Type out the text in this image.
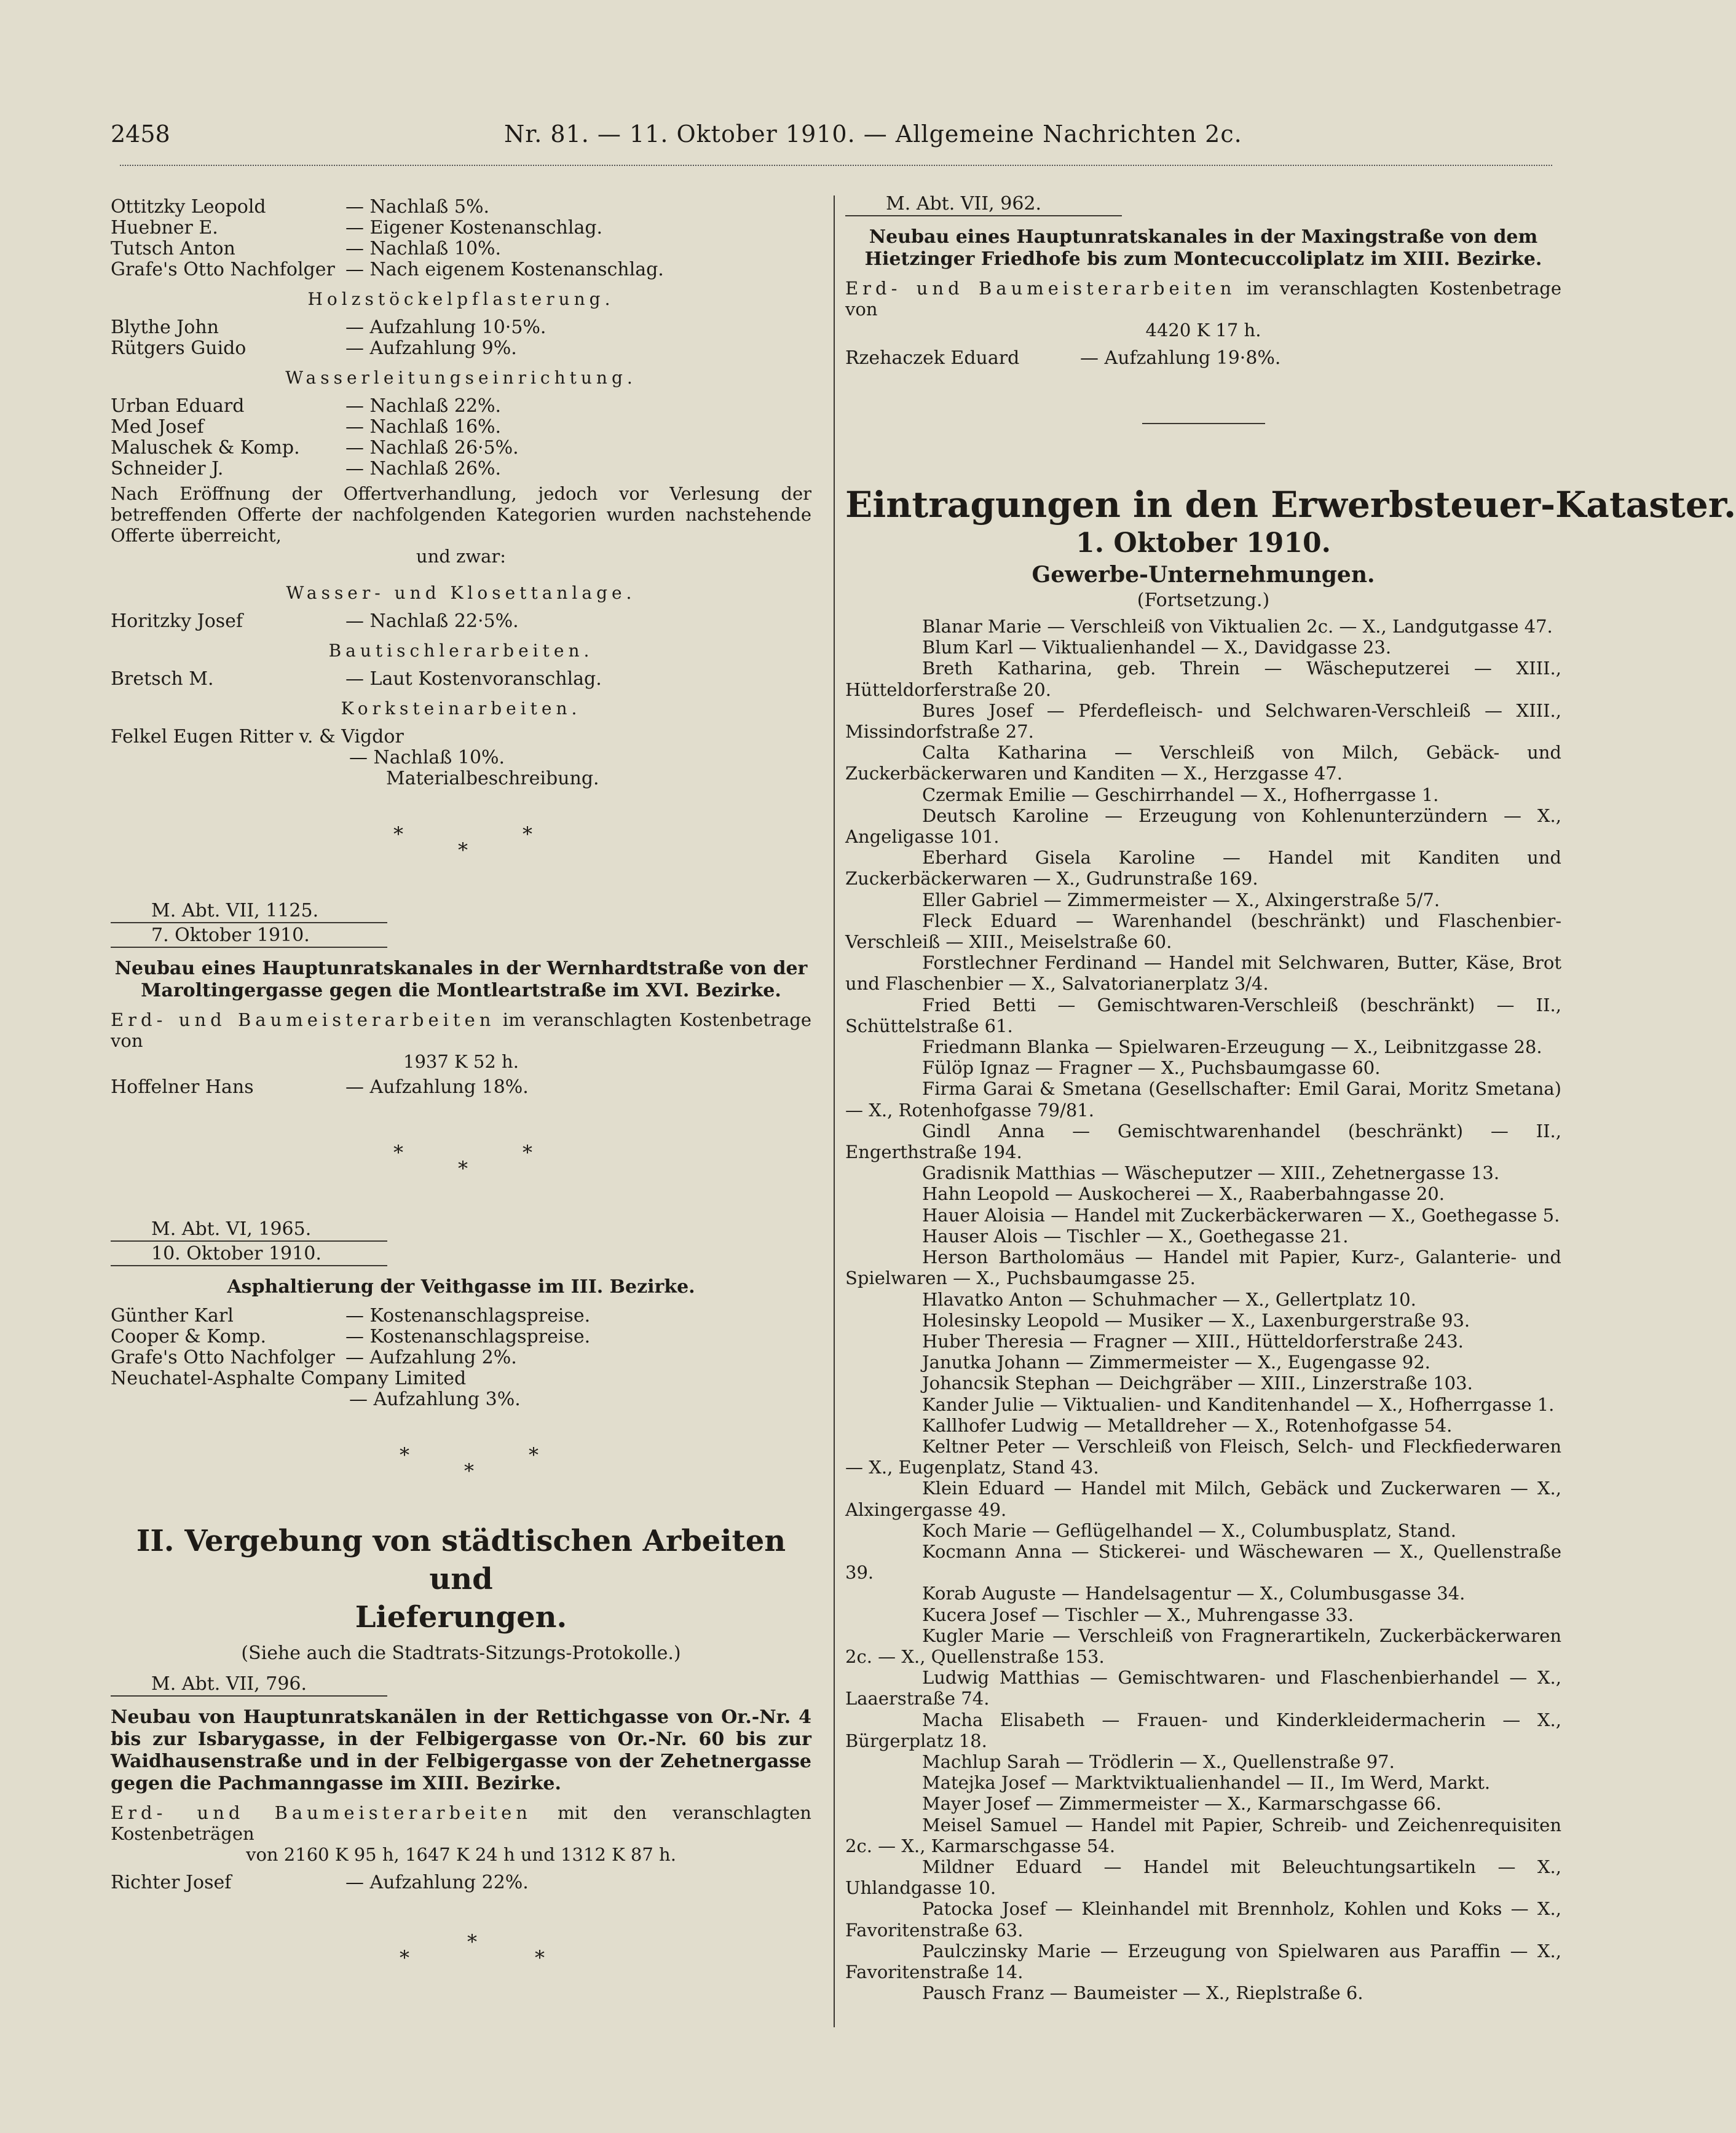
2458	Nr. 81. — 11. Oktober 1910. — Allgemeine Nachrichten 2c.
Ottitzky Leopold	— Nachlaß 5%.
Huebner E.	— Eigener Kostenanschlag.
Tutsch Anton	— Nachlaß 10%.
Grafe's Otto Nachfolger — Nach eigenem Kostenanschlag.
Holzstöckelpflasterung.
Blythe John	— Aufzahlung 10·5%.
Rütgers Guido	— Aufzahlung 9%.
Wasserleitungseinrichtung.
Urban Eduard	— Nachlaß 22%.
Med Josef	— Nachlaß 16%.
Maluschek & Komp.	— Nachlaß 26·5%.
Schneider J.	— Nachlaß 26%.
Nach Eröffnung der Offertverhandlung, jedoch vor Verlesung der betreffenden Offerte der nachfolgenden Kategorien wurden nachstehende Offerte überreicht,
und zwar:
Wasser- und Klosettanlage.
Horitzky Josef	— Nachlaß 22·5%.
Bautischlerarbeiten.
Bretsch M.	— Laut Kostenvoranschlag.
Korksteinarbeiten.
Felkel Eugen Ritter v. & Vigdor
— Nachlaß 10%.
Materialbeschreibung.
*	*
*
M. Abt. VII, 1125.
7. Oktober 1910.
Neubau eines Hauptunratskanales in der Wernhardtstraße von der Maroltingergasse gegen die Montleartstraße im XVI. Bezirke.
Erd- und Baumeisterarbeiten im veranschlagten Kostenbetrage von
1937 K 52 h.
Hoffelner Hans	— Aufzahlung 18%.
*	*
*
M. Abt. VI, 1965.
10. Oktober 1910.
Asphaltierung der Veithgasse im III. Bezirke.
Günther Karl	— Kostenanschlagspreise.
Cooper & Komp.	— Kostenanschlagspreise.
Grafe's Otto Nachfolger — Aufzahlung 2%.
Neuchatel-Asphalte Company Limited
— Aufzahlung 3%.
*	*
*
II. Vergebung von städtischen Arbeiten und
Lieferungen.
(Siehe auch die Stadtrats-Sitzungs-Protokolle.)
M. Abt. VII, 796.
Neubau von Hauptunratskanälen in der Rettichgasse von Or.-Nr. 4 bis zur Isbarygasse, in der Felbigergasse von Or.-Nr. 60 bis zur Waidhausenstraße und in der Felbigergasse von der Zehetnergasse gegen die Pachmanngasse im XIII. Bezirke.
Erd- und Baumeisterarbeiten mit den veranschlagten Kostenbeträgen
von 2160 K 95 h, 1647 K 24 h und 1312 K 87 h.
Richter Josef	— Aufzahlung 22%.
*	*
*
M. Abt. VII, 962.
Neubau eines Hauptunratskanales in der Maxingstraße von dem Hietzinger Friedhofe bis zum Montecuccoliplatz im XIII. Bezirke.
Erd- und Baumeisterarbeiten im veranschlagten Kostenbetrage von
4420 K 17 h.
Rzehaczek Eduard	— Aufzahlung 19·8%.
Eintragungen in den Erwerbsteuer-Kataster.
1. Oktober 1910.
Gewerbe-Unternehmungen.
(Fortsetzung.)
Blanar Marie — Verschleiß von Viktualien 2c. — X., Landgutgasse 47.
Blum Karl — Viktualienhandel — X., Davidgasse 23.
Breth Katharina, geb. Threin — Wäscheputzerei — XIII., Hütteldorferstraße 20.
Bures Josef — Pferdefleisch- und Selchwaren-Verschleiß — XIII., Missindorfstraße 27.
Calta Katharina — Verschleiß von Milch, Gebäck- und Zuckerbäckerwaren und Kanditen — X., Herzgasse 47.
Czermak Emilie — Geschirrhandel — X., Hofherrgasse 1.
Deutsch Karoline — Erzeugung von Kohlenunterzündern — X., Angeligasse 101.
Eberhard Gisela Karoline — Handel mit Kanditen und Zuckerbäckerwaren — X., Gudrunstraße 169.
Eller Gabriel — Zimmermeister — X., Alxingerstraße 5/7.
Fleck Eduard — Warenhandel (beschränkt) und Flaschenbier-Verschleiß — XIII., Meiselstraße 60.
Forstlechner Ferdinand — Handel mit Selchwaren, Butter, Käse, Brot und Flaschenbier — X., Salvatorianerplatz 3/4.
Fried Betti — Gemischtwaren-Verschleiß (beschränkt) — II., Schüttelstraße 61.
Friedmann Blanka — Spielwaren-Erzeugung — X., Leibnitzgasse 28.
Fülöp Ignaz — Fragner — X., Puchsbaumgasse 60.
Firma Garai & Smetana (Gesellschafter: Emil Garai, Moritz Smetana) — X., Rotenhofgasse 79/81.
Gindl Anna — Gemischtwarenhandel (beschränkt) — II., Engerthstraße 194.
Gradisnik Matthias — Wäscheputzer — XIII., Zehetnergasse 13.
Hahn Leopold — Auskocherei — X., Raaberbahngasse 20.
Hauer Aloisia — Handel mit Zuckerbäckerwaren — X., Goethegasse 5.
Hauser Alois — Tischler — X., Goethegasse 21.
Herson Bartholomäus — Handel mit Papier, Kurz-, Galanterie- und Spielwaren — X., Puchsbaumgasse 25.
Hlavatko Anton — Schuhmacher — X., Gellertplatz 10.
Holesinsky Leopold — Musiker — X., Laxenburgerstraße 93.
Huber Theresia — Fragner — XIII., Hütteldorferstraße 243.
Janutka Johann — Zimmermeister — X., Eugengasse 92.
Johancsik Stephan — Deichgräber — XIII., Linzerstraße 103.
Kander Julie — Viktualien- und Kanditenhandel — X., Hofherrgasse 1.
Kallhofer Ludwig — Metalldreher — X., Rotenhofgasse 54.
Keltner Peter — Verschleiß von Fleisch, Selch- und Fleckfiederwaren — X., Eugenplatz, Stand 43.
Klein Eduard — Handel mit Milch, Gebäck und Zuckerwaren — X., Alxingergasse 49.
Koch Marie — Geflügelhandel — X., Columbusplatz, Stand.
Kocmann Anna — Stickerei- und Wäschewaren — X., Quellenstraße 39.
Korab Auguste — Handelsagentur — X., Columbusgasse 34.
Kucera Josef — Tischler — X., Muhrengasse 33.
Kugler Marie — Verschleiß von Fragnerartikeln, Zuckerbäckerwaren 2c. — X., Quellenstraße 153.
Ludwig Matthias — Gemischtwaren- und Flaschenbierhandel — X., Laaerstraße 74.
Macha Elisabeth — Frauen- und Kinderkleidermacherin — X., Bürgerplatz 18.
Machlup Sarah — Trödlerin — X., Quellenstraße 97.
Matejka Josef — Marktviktualienhandel — II., Im Werd, Markt.
Mayer Josef — Zimmermeister — X., Karmarschgasse 66.
Meisel Samuel — Handel mit Papier, Schreib- und Zeichenrequisiten 2c. — X., Karmarschgasse 54.
Mildner Eduard — Handel mit Beleuchtungsartikeln — X., Uhlandgasse 10.
Patocka Josef — Kleinhandel mit Brennholz, Kohlen und Koks — X., Favoritenstraße 63.
Paulczinsky Marie — Erzeugung von Spielwaren aus Paraffin — X., Favoritenstraße 14.
Pausch Franz — Baumeister — X., Rieplstraße 6.
